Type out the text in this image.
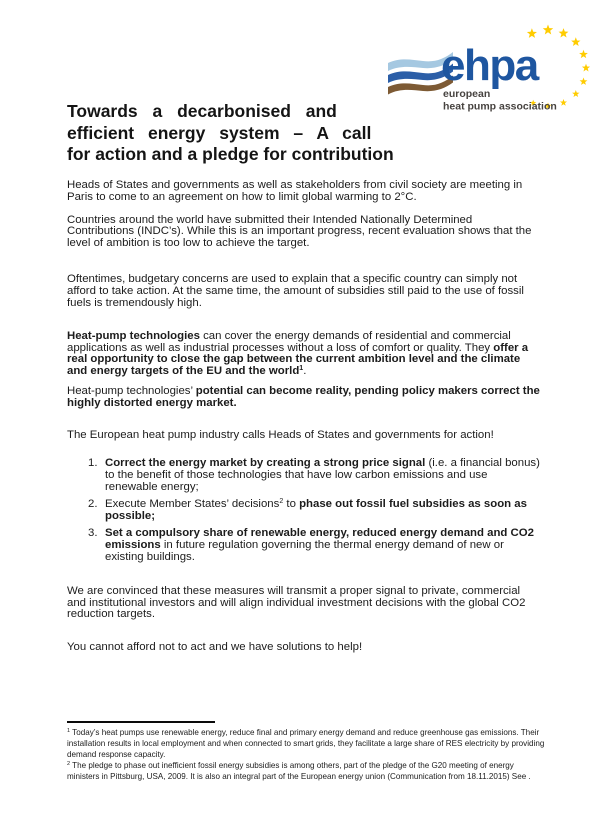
ehpa
european
heat pump association
Towards a decarbonised and
efficient energy system – A call
for action and a pledge for contribution

Heads of States and governments as well as stakeholders from civil society are meeting in Paris to come to an agreement on how to limit global warming to 2°C.

Countries around the world have submitted their Intended Nationally Determined Contributions (INDC’s). While this is an important progress, recent evaluation shows that the level of ambition is too low to achieve the target.

Oftentimes, budgetary concerns are used to explain that a specific country can simply not afford to take action. At the same time, the amount of subsidies still paid to the use of fossil fuels is tremendously high.

Heat-pump technologies can cover the energy demands of residential and commercial applications as well as industrial processes without a loss of comfort or quality. They offer a real opportunity to close the gap between the current ambition level and the climate and energy targets of the EU and the world$^1$.

Heat-pump technologies’ potential can become reality, pending policy makers correct the highly distorted energy market.

The European heat pump industry calls Heads of States and governments for action!

1. Correct the energy market by creating a strong price signal (i.e. a financial bonus) to the benefit of those technologies that have low carbon emissions and use renewable energy;
2. Execute Member States’ decisions$^2$ to phase out fossil fuel subsidies as soon as possible;
3. Set a compulsory share of renewable energy, reduced energy demand and CO2 emissions in future regulation governing the thermal energy demand of new or existing buildings.

We are convinced that these measures will transmit a proper signal to private, commercial and institutional investors and will align individual investment decisions with the global CO2 reduction targets.

You cannot afford not to act and we have solutions to help!

$^1$ Today’s heat pumps use renewable energy, reduce final and primary energy demand and reduce greenhouse gas emissions. Their installation results in local employment and when connected to smart grids, they facilitate a large share of RES electricity by providing demand response capacity.

$^2$ The pledge to phase out inefficient fossil energy subsidies is among others, part of the pledge of the G20 meeting of energy ministers in Pittsburg, USA, 2009. It is also an integral part of the European energy union (Communication from 18.11.2015) See .
